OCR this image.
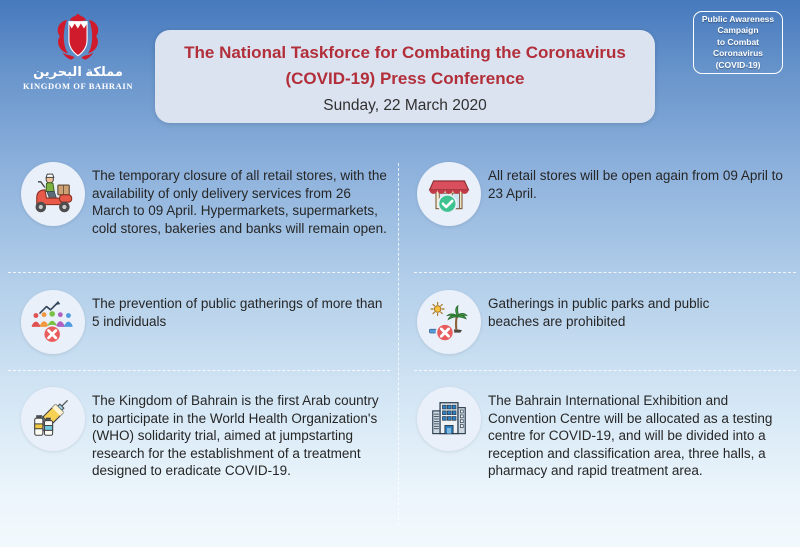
مملكة البحرين
KINGDOM OF BAHRAIN
The National Taskforce for Combating the Coronavirus
(COVID-19) Press Conference
Sunday, 22 March 2020
Public Awareness
Campaign
to Combat
Coronavirus
(COVID-19)

The temporary closure of all retail stores, with the availability of only delivery services from 26 March to 09 April. Hypermarkets, supermarkets, cold stores, bakeries and banks will remain open.

All retail stores will be open again from 09 April to 23 April.

The prevention of public gatherings of more than 5 individuals

Gatherings in public parks and public beaches are prohibited

The Kingdom of Bahrain is the first Arab country to participate in the World Health Organization's (WHO) solidarity trial, aimed at jumpstarting research for the establishment of a treatment designed to eradicate COVID-19.

The Bahrain International Exhibition and Convention Centre will be allocated as a testing centre for COVID-19, and will be divided into a reception and classification area, three halls, a pharmacy and rapid treatment area.
